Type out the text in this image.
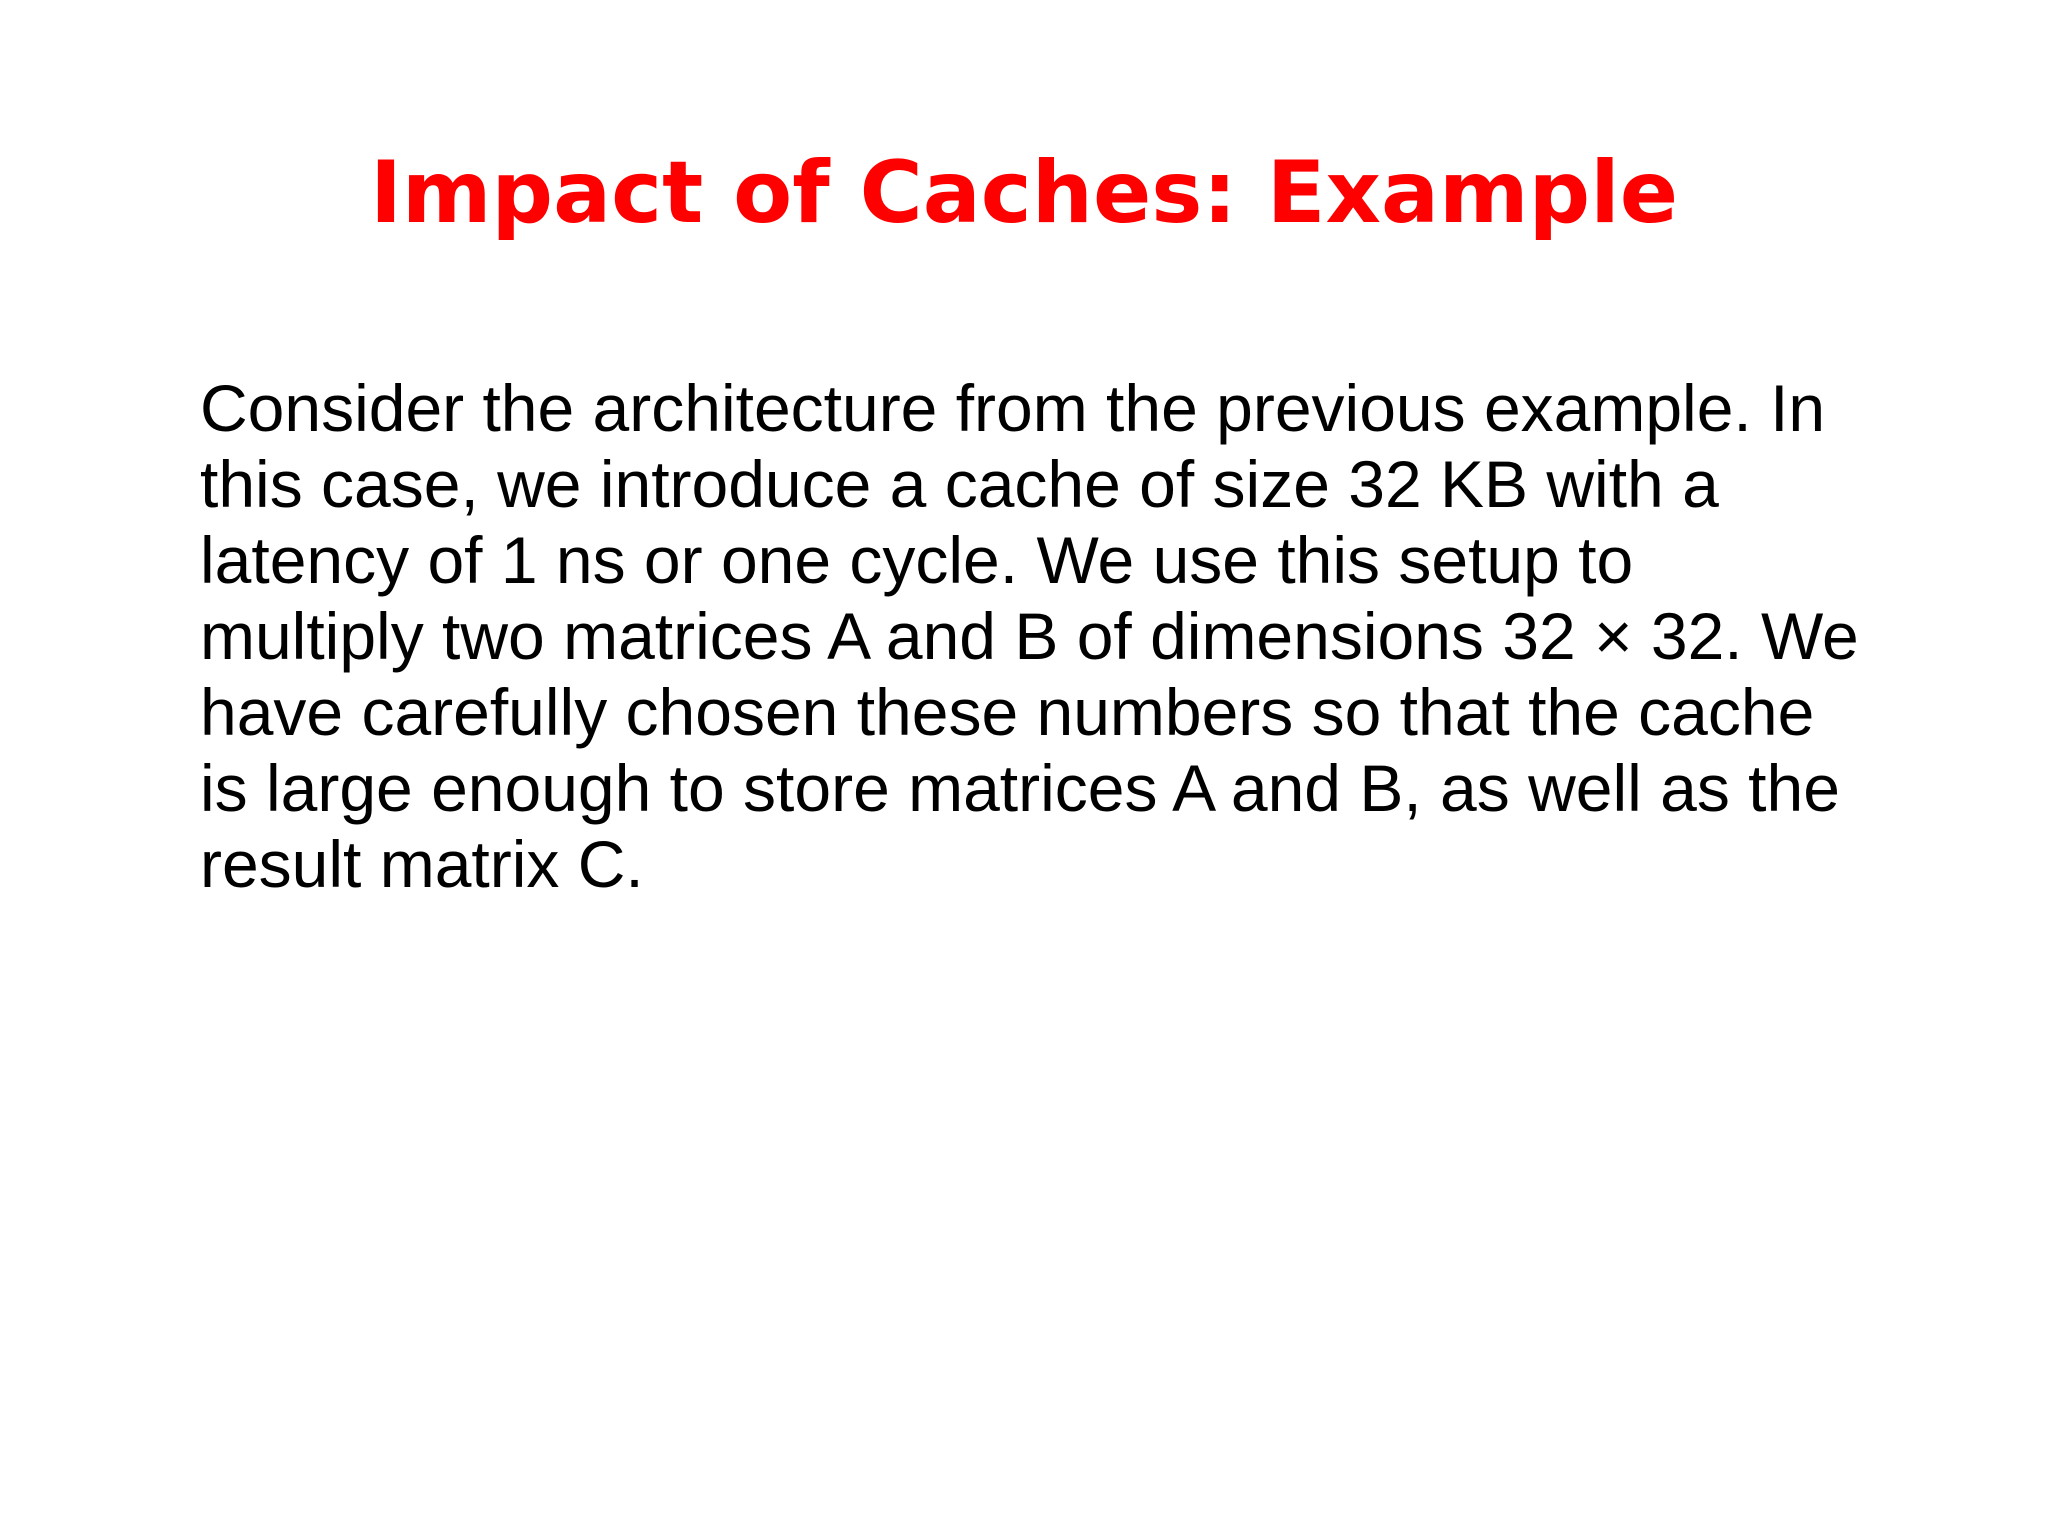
Impact of Caches: Example
Consider the architecture from the previous example. In
this case, we introduce a cache of size 32 KB with a
latency of 1 ns or one cycle. We use this setup to
multiply two matrices A and B of dimensions 32 × 32. We
have carefully chosen these numbers so that the cache
is large enough to store matrices A and B, as well as the
result matrix C.
